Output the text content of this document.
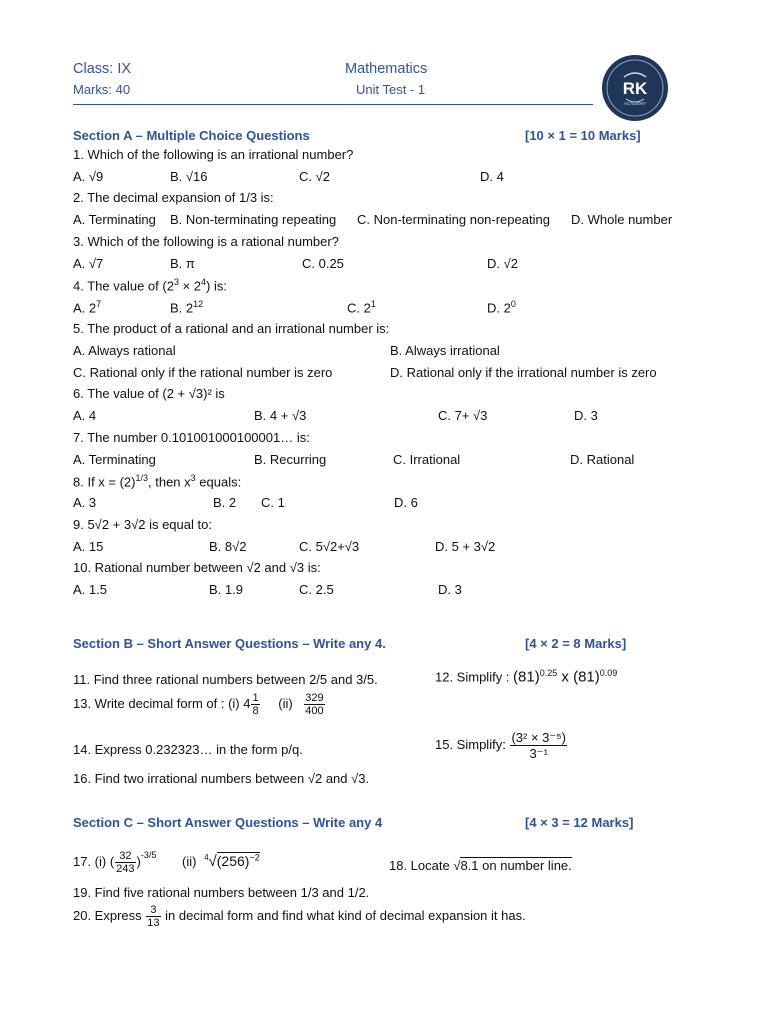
Class: IX
Marks: 40
Mathematics
Unit Test - 1	RK
ACADEMY
Section A – Multiple Choice Questions	[10 × 1 = 10 Marks]
1. Which of the following is an irrational number?
A. √9	B. √16	C. √2	D. 4
2. The decimal expansion of 1/3 is:
A. Terminating B. Non-terminating repeating C. Non-terminating non-repeating D. Whole number
3. Which of the following is a rational number?
A. √7	B. π	C. 0.25	D. √2
4. The value of $(2^3 \times 2^4)$ is:
A. $2^7$	B. $2^{12}$	C. $2^1$	D. $2^0$
5. The product of a rational and an irrational number is:
A. Always rational	B. Always irrational
C. Rational only if the rational number is zero	D. Rational only if the irrational number is zero
6. The value of (2 + √3)² is
A. 4	B. 4 + √3	C. 7+ √3	D. 3
7. The number 0.101001000100001… is:
A. Terminating	B. Recurring	C. Irrational	D. Rational
8. If $x = (2)^{1/3}$, then $x^3$ equals:
A. 3	B. 2 C. 1	D. 6
9. 5√2 + 3√2 is equal to:
A. 15	B. 8√2	C. 5√2+√3	D. 5 + 3√2
10. Rational number between √2 and √3 is:
A. 1.5	B. 1.9	C. 2.5	D. 3
Section B – Short Answer Questions – Write any 4.	[4 × 2 = 8 Marks]
11. Find three rational numbers between 2/5 and 3/5.	12. Simplify : $(81)^{0.25}$ x $(81)^{0.09}$
13. Write decimal form of : (i) $4 \frac{1}{8} (ii) \frac{329}{400}$
14. Express 0.232323… in the form p/q.	15. Simplify: $\frac{\text{(3² × 3⁻⁵)}}{\text{3⁻¹}}$
16. Find two irrational numbers between √2 and √3.
Section C – Short Answer Questions – Write any 4	[4 × 3 = 12 Marks]
17. (i) ( $\frac{32}{243} )^{-3/5}$ (ii) $^4√(256)^{-2}$
18. Locate √8.1 on number line.
19. Find five rational numbers between 1/3 and 1/2.
20. Express $\frac{3}{13}$ in decimal form and find what kind of decimal expansion it has.
